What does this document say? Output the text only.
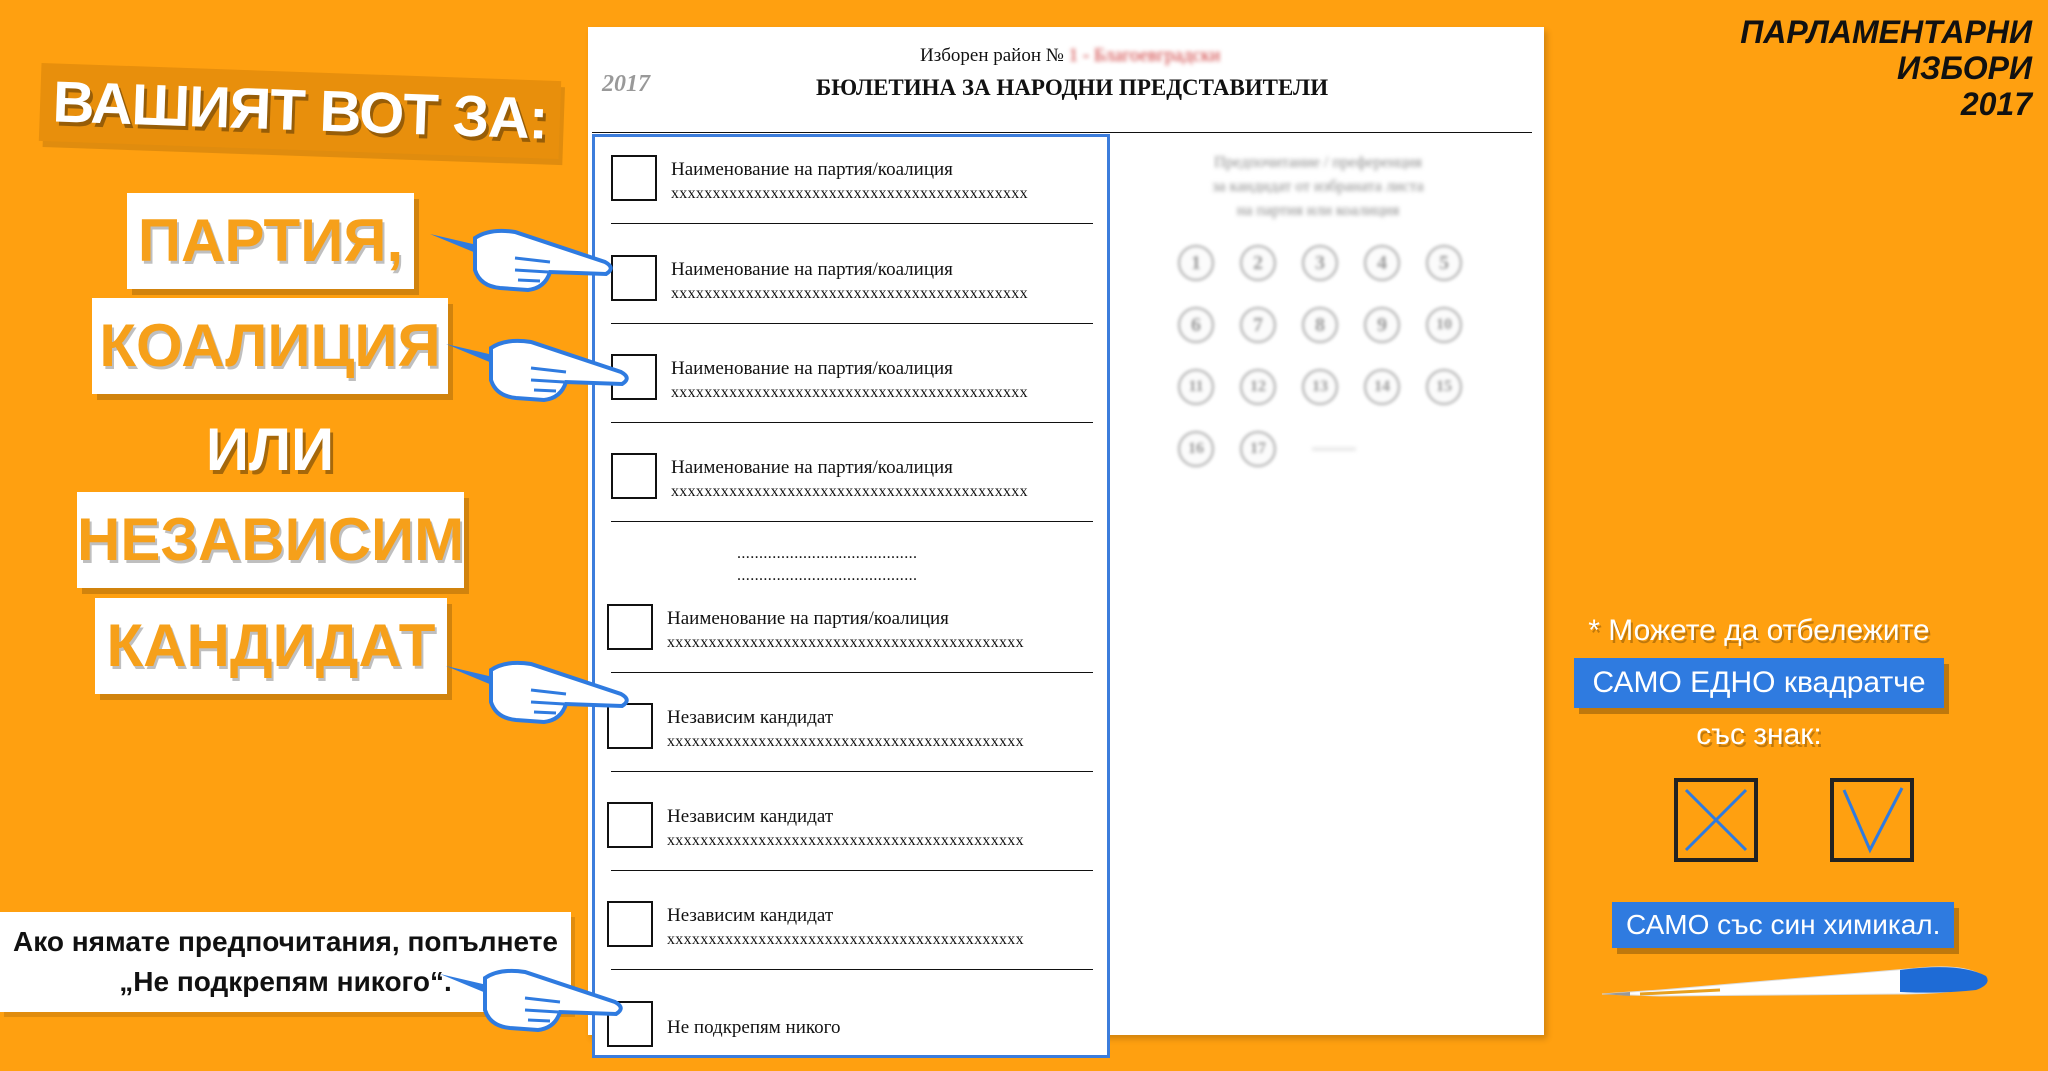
ВАШИЯТ ВОТ ЗА:
ПАРТИЯ,
КОАЛИЦИЯ
ИЛИ
НЕЗАВИСИМ
КАНДИДАТ
Ако нямате предпочитания, попълнете
„Не подкрепям никого“.
ПАРЛАМЕНТАРНИ
ИЗБОРИ
2017
2017
Изборен район № 1 - Благоевградски
БЮЛЕТИНА ЗА НАРОДНИ ПРЕДСТАВИТЕЛИ
Предпочитание / преференция
за кандидат от избраната листа
на партия или коалиция
1	2	3	4	5
6	7	8	9	10
11	12	13	14	15
16	17	...........
Наименование на партия/коалиция
xxxxxxxxxxxxxxxxxxxxxxxxxxxxxxxxxxxxxxxxxxx
Наименование на партия/коалиция
xxxxxxxxxxxxxxxxxxxxxxxxxxxxxxxxxxxxxxxxxxx
Наименование на партия/коалиция
xxxxxxxxxxxxxxxxxxxxxxxxxxxxxxxxxxxxxxxxxxx
Наименование на партия/коалиция
xxxxxxxxxxxxxxxxxxxxxxxxxxxxxxxxxxxxxxxxxxx
.........................................
.........................................
Наименование на партия/коалиция
xxxxxxxxxxxxxxxxxxxxxxxxxxxxxxxxxxxxxxxxxxx
Независим кандидат
xxxxxxxxxxxxxxxxxxxxxxxxxxxxxxxxxxxxxxxxxxx
Независим кандидат
xxxxxxxxxxxxxxxxxxxxxxxxxxxxxxxxxxxxxxxxxxx
Независим кандидат
xxxxxxxxxxxxxxxxxxxxxxxxxxxxxxxxxxxxxxxxxxx
Не подкрепям никого
* Можете да отбележите
САМО ЕДНО квадратче
със знак:
САМО със син химикал.
